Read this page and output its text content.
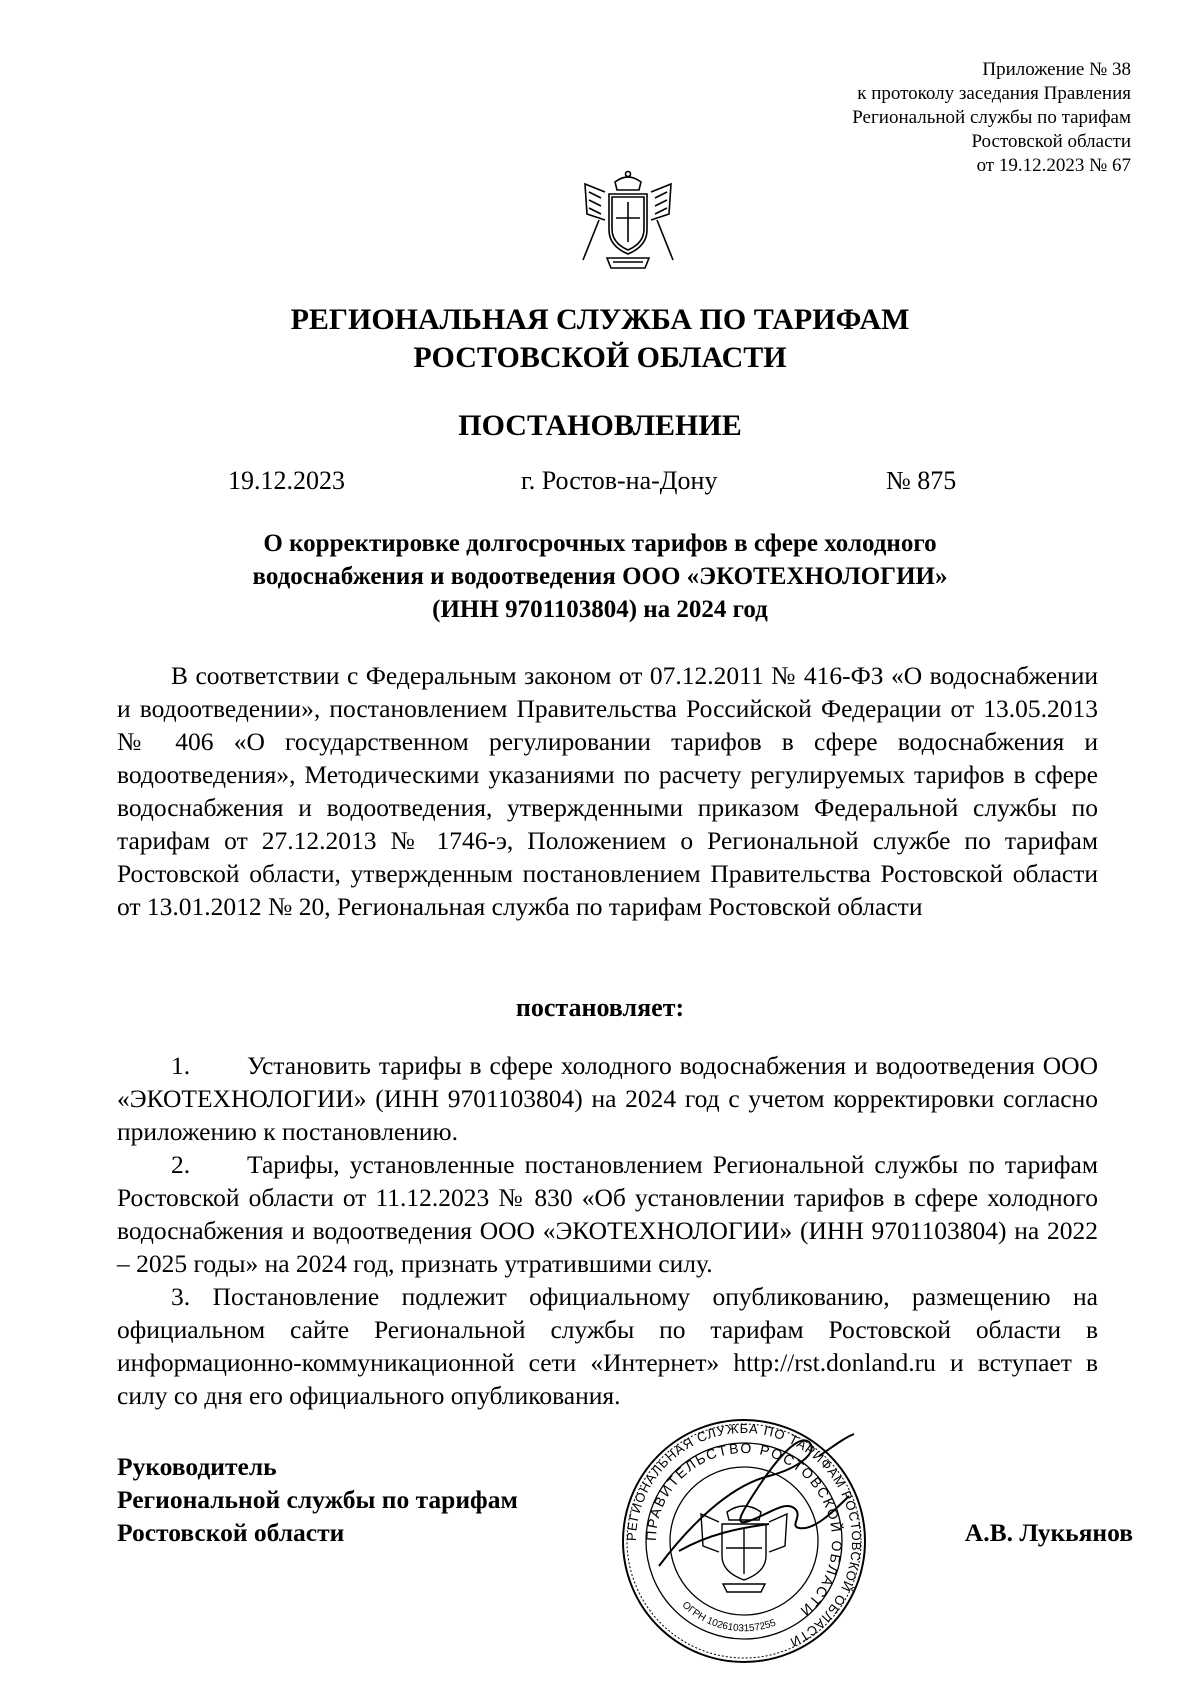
Приложение № 38
к протоколу заседания Правления
Региональной службы по тарифам
Ростовской области
от 19.12.2023 № 67
РЕГИОНАЛЬНАЯ СЛУЖБА ПО ТАРИФАМ
РОСТОВСКОЙ ОБЛАСТИ
ПОСТАНОВЛЕНИЕ
19.12.2023	г. Ростов-на-Дону	№ 875
О корректировке долгосрочных тарифов в сфере холодного
водоснабжения и водоотведения ООО «ЭКОТЕХНОЛОГИИ»
(ИНН 9701103804) на 2024 год
В соответствии с Федеральным законом от 07.12.2011 № 416-ФЗ «О водоснабжении и водоотведении», постановлением Правительства Российской Федерации от 13.05.2013 № 406 «О государственном регулировании тарифов в сфере водоснабжения и водоотведения», Методическими указаниями по расчету регулируемых тарифов в сфере водоснабжения и водоотведения, утвержденными приказом Федеральной службы по тарифам от 27.12.2013 № 1746-э, Положением о Региональной службе по тарифам Ростовской области, утвержденным постановлением Правительства Ростовской области от 13.01.2012 № 20, Региональная служба по тарифам Ростовской области
постановляет:

1. Установить тарифы в сфере холодного водоснабжения и водоотведения ООО «ЭКОТЕХНОЛОГИИ» (ИНН 9701103804) на 2024 год с учетом корректировки согласно приложению к постановлению.

2. Тарифы, установленные постановлением Региональной службы по тарифам Ростовской области от 11.12.2023 № 830 «Об установлении тарифов в сфере холодного водоснабжения и водоотведения ООО «ЭКОТЕХНОЛОГИИ» (ИНН 9701103804) на 2022 – 2025 годы» на 2024 год, признать утратившими силу.

3. Постановление подлежит официальному опубликованию, размещению на официальном сайте Региональной службы по тарифам Ростовской области в информационно-коммуникационной сети «Интернет» http://rst.donland.ru и вступает в силу со дня его официального опубликования.

Руководитель
Региональной службы по тарифам
Ростовской области	РЕГИОНАЛЬНАЯ СЛУЖБА ПО ТАРИФАМ РОСТОВСКОЙ ОБЛАСТИ
ПРАВИТЕЛЬСТВО РОСТОВСКОЙ ОБЛАСТИ
ОГРН 1026103157255
А.В. Лукьянов
